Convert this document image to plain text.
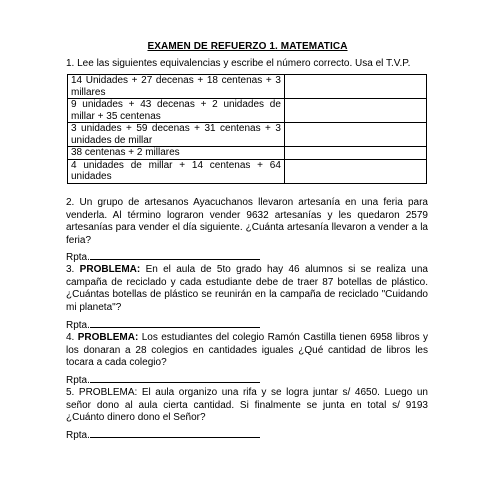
EXAMEN DE REFUERZO 1. MATEMATICA
1. Lee las siguientes equivalencias y escribe el número correcto. Usa el T.V.P.
14 Unidades + 27 decenas + 18 centenas + 3 millares	
9 unidades + 43 decenas + 2 unidades de millar + 35 centenas	
3 unidades + 59 decenas + 31 centenas + 3 unidades de millar	
38 centenas + 2 millares	
4 unidades de millar + 14 centenas + 64 unidades	
2. Un grupo de artesanos Ayacuchanos llevaron artesanía en una feria para venderla. Al término lograron vender 9632 artesanías y les quedaron 2579 artesanías para vender el día siguiente. ¿Cuánta artesanía llevaron a vender a la feria?
Rpta.
3. PROBLEMA: En el aula de 5to grado hay 46 alumnos si se realiza una campaña de reciclado y cada estudiante debe de traer 87 botellas de plástico. ¿Cuántas botellas de plástico se reunirán en la campaña de reciclado "Cuidando mi planeta"?
Rpta.
4. PROBLEMA: Los estudiantes del colegio Ramón Castilla tienen 6958 libros y los donaran a 28 colegios en cantidades iguales ¿Qué cantidad de libros les tocara a cada colegio?
Rpta.
5. PROBLEMA: El aula organizo una rifa y se logra juntar s/ 4650. Luego un señor dono al aula cierta cantidad. Si finalmente se junta en total s/ 9193 ¿Cuánto dinero dono el Señor?
Rpta.
